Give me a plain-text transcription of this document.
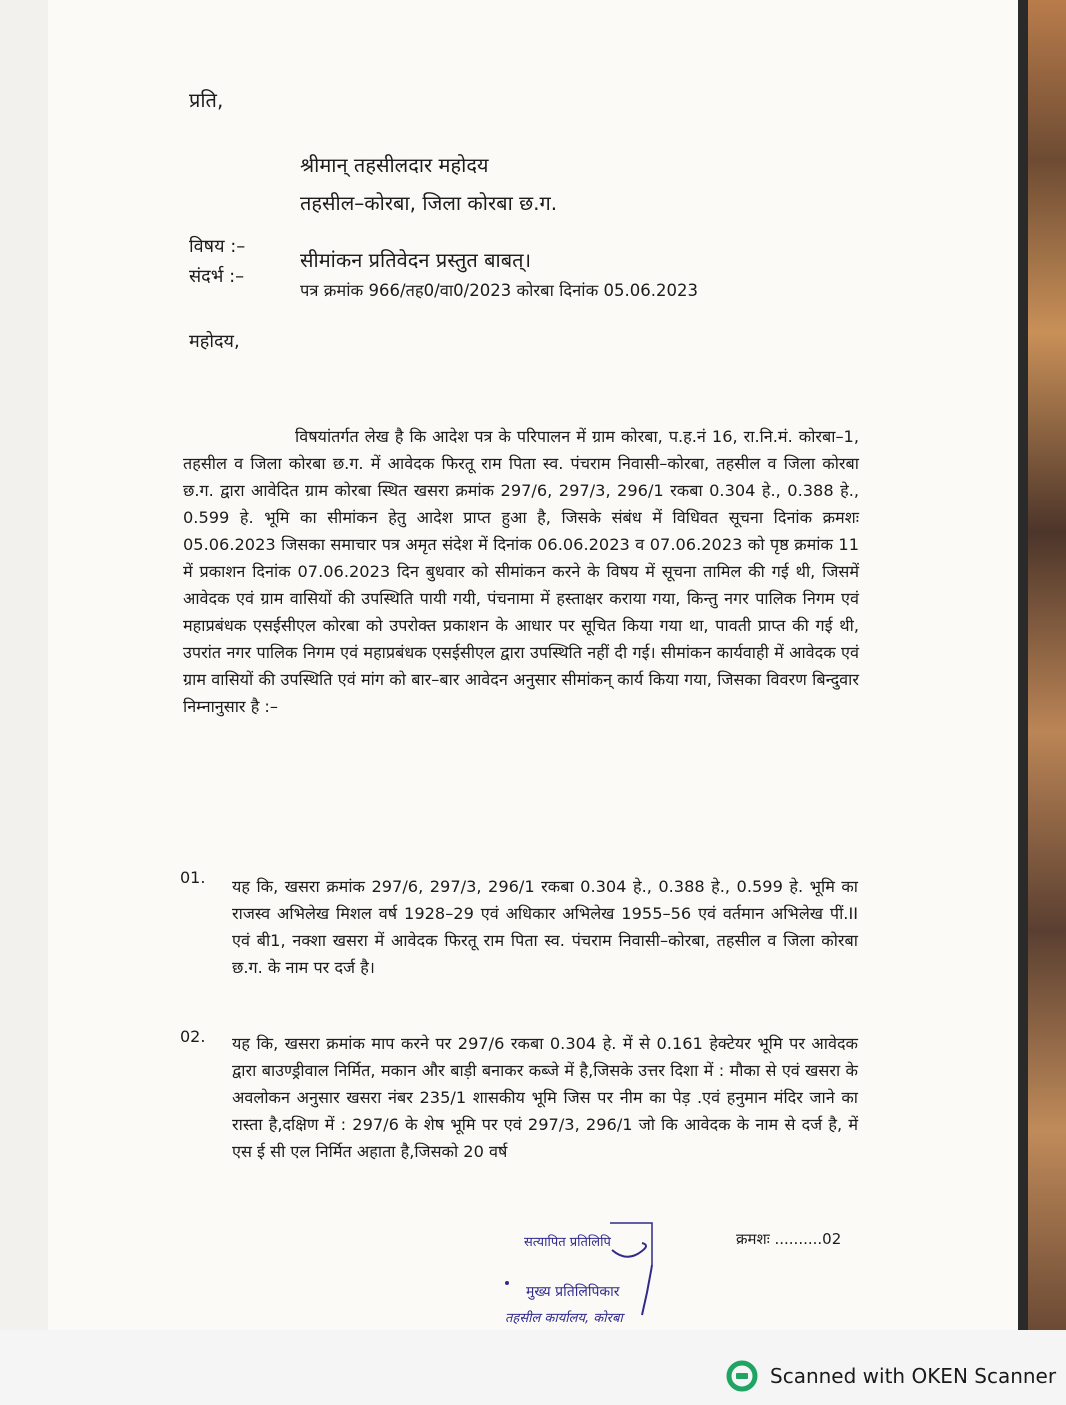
प्रति,
श्रीमान् तहसीलदार महोदय
तहसील–कोरबा, जिला कोरबा छ.ग.
विषय :–
सीमांकन प्रतिवेदन प्रस्तुत बाबत्।
संदर्भ :–
पत्र क्रमांक 966/तह0/वा0/2023 कोरबा दिनांक 05.06.2023
महोदय,
विषयांतर्गत लेख है कि आदेश पत्र के परिपालन में ग्राम कोरबा, प.ह.नं 16, रा.नि.मं. कोरबा–1, तहसील व जिला कोरबा छ.ग. में आवेदक फिरतू राम पिता स्व. पंचराम निवासी–कोरबा, तहसील व जिला कोरबा छ.ग. द्वारा आवेदित ग्राम कोरबा स्थित खसरा क्रमांक 297/6, 297/3, 296/1 रकबा 0.304 हे., 0.388 हे., 0.599 हे. भूमि का सीमांकन हेतु आदेश प्राप्त हुआ है, जिसके संबंध में विधिवत सूचना दिनांक क्रमशः 05.06.2023 जिसका समाचार पत्र अमृत संदेश में दिनांक 06.06.2023 व 07.06.2023 को पृष्ठ क्रमांक 11 में प्रकाशन दिनांक 07.06.2023 दिन बुधवार को सीमांकन करने के विषय में सूचना तामिल की गई थी, जिसमें आवेदक एवं ग्राम वासियों की उपस्थिति पायी गयी, पंचनामा में हस्ताक्षर कराया गया, किन्तु नगर पालिक निगम एवं महाप्रबंधक एसईसीएल कोरबा को उपरोक्त प्रकाशन के आधार पर सूचित किया गया था, पावती प्राप्त की गई थी, उपरांत नगर पालिक निगम एवं महाप्रबंधक एसईसीएल द्वारा उपस्थिति नहीं दी गई। सीमांकन कार्यवाही में आवेदक एवं ग्राम वासियों की उपस्थिति एवं मांग को बार–बार आवेदन अनुसार सीमांकन् कार्य किया गया, जिसका विवरण बिन्दुवार निम्नानुसार है :–
01. यह कि, खसरा क्रमांक 297/6, 297/3, 296/1 रकबा 0.304 हे., 0.388 हे., 0.599 हे. भूमि का राजस्व अभिलेख मिशल वर्ष 1928–29 एवं अधिकार अभिलेख 1955–56 एवं वर्तमान अभिलेख पीं.II एवं बी1, नक्शा खसरा में आवेदक फिरतू राम पिता स्व. पंचराम निवासी–कोरबा, तहसील व जिला कोरबा छ.ग. के नाम पर दर्ज है।
02. यह कि, खसरा क्रमांक माप करने पर 297/6 रकबा 0.304 हे. में से 0.161 हेक्टेयर भूमि पर आवेदक द्वारा बाउण्ड्रीवाल निर्मित, मकान और बाड़ी बनाकर कब्जे में है,जिसके उत्तर दिशा में : मौका से एवं खसरा के अवलोकन अनुसार खसरा नंबर 235/1 शासकीय भूमि जिस पर नीम का पेड़ .एवं हनुमान मंदिर जाने का रास्ता है,दक्षिण में : 297/6 के शेष भूमि पर एवं 297/3, 296/1 जो कि आवेदक के नाम से दर्ज है, में एस ई सी एल निर्मित अहाता है,जिसको 20 वर्ष
क्रमशः ..........02
सत्यापित प्रतिलिपि
मुख्य प्रतिलिपिकार
तहसील कार्यालय, कोरबा
Scanned with OKEN Scanner
